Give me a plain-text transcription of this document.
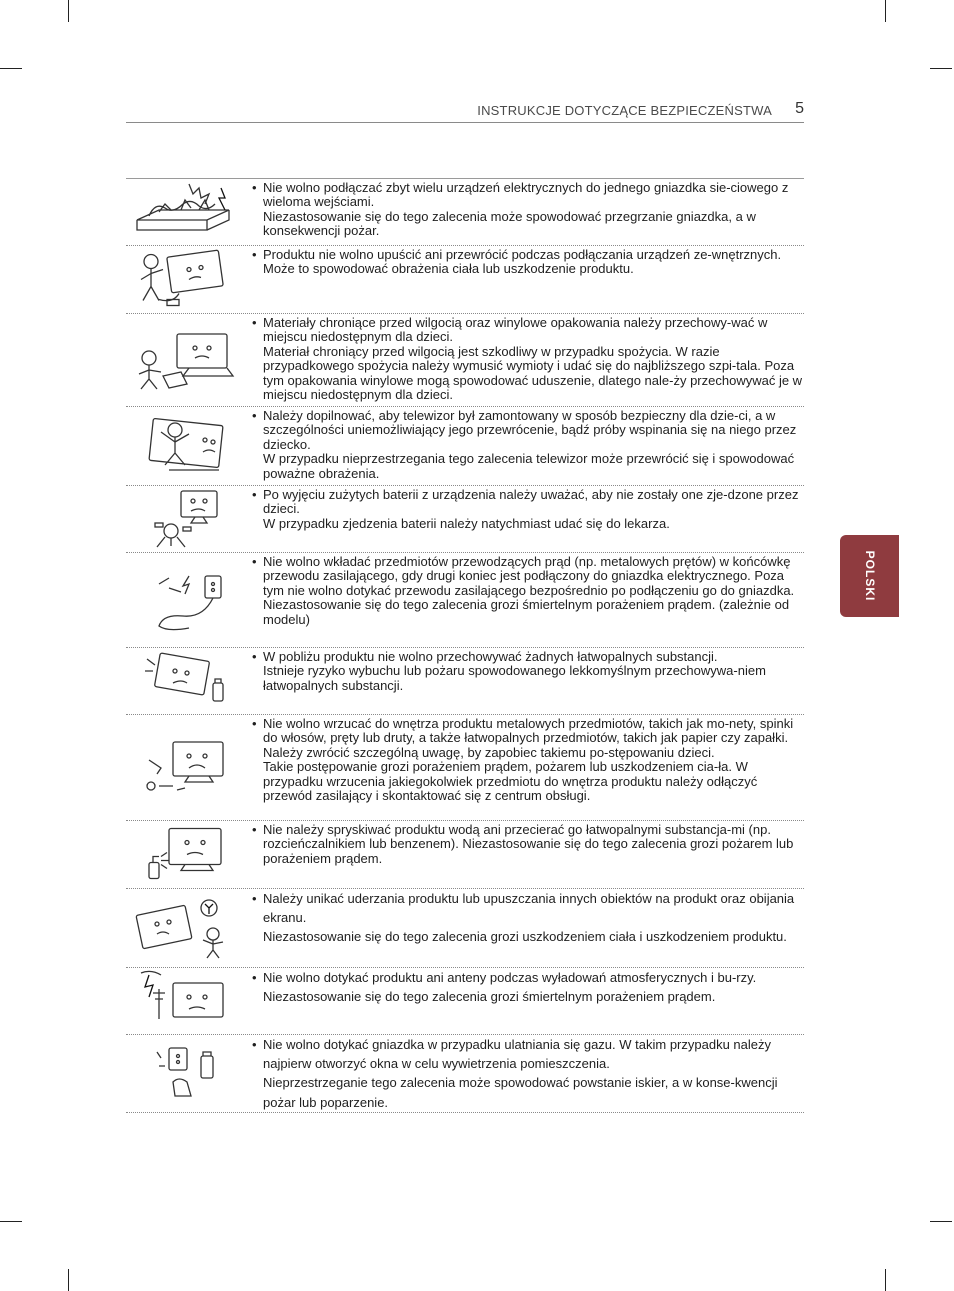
INSTRUKCJE DOTYCZĄCE BEZPIECZEŃSTWA 5
POLSKI

• Nie wolno podłączać zbyt wielu urządzeń elektrycznych do jednego gniazdka sie-ciowego z wieloma wejściami.

Niezastosowanie się do tego zalecenia może spowodować przegrzanie gniazdka, a w konsekwencji pożar.

• Produktu nie wolno upuścić ani przewrócić podczas podłączania urządzeń ze-wnętrznych.

Może to spowodować obrażenia ciała lub uszkodzenie produktu.

• Materiały chroniące przed wilgocią oraz winylowe opakowania należy przechowy-wać w miejscu niedostępnym dla dzieci.

Materiał chroniący przed wilgocią jest szkodliwy w przypadku spożycia. W razie przypadkowego spożycia należy wymusić wymioty i udać się do najbliższego szpi-tala. Poza tym opakowania winylowe mogą spowodować uduszenie, dlatego nale-ży przechowywać je w miejscu niedostępnym dla dzieci.

• Należy dopilnować, aby telewizor był zamontowany w sposób bezpieczny dla dzie-ci, a w szczególności uniemożliwiający jego przewrócenie, bądź próby wspinania się na niego przez dziecko.

W przypadku nieprzestrzegania tego zalecenia telewizor może przewrócić się i spowodować poważne obrażenia.

• Po wyjęciu zużytych baterii z urządzenia należy uważać, aby nie zostały one zje-dzone przez dzieci.

W przypadku zjedzenia baterii należy natychmiast udać się do lekarza.

• Nie wolno wkładać przedmiotów przewodzących prąd (np. metalowych prętów) w końcówkę przewodu zasilającego, gdy drugi koniec jest podłączony do gniazdka elektrycznego. Poza tym nie wolno dotykać przewodu zasilającego bezpośrednio po podłączeniu go do gniazdka.

Niezastosowanie się do tego zalecenia grozi śmiertelnym porażeniem prądem. (zależnie od modelu)

• W pobliżu produktu nie wolno przechowywać żadnych łatwopalnych substancji.

Istnieje ryzyko wybuchu lub pożaru spowodowanego lekkomyślnym przechowywa-niem łatwopalnych substancji.

• Nie wolno wrzucać do wnętrza produktu metalowych przedmiotów, takich jak mo-nety, spinki do włosów, pręty lub druty, a także łatwopalnych przedmiotów, takich jak papier czy zapałki. Należy zwrócić szczególną uwagę, by zapobiec takiemu po-stępowaniu dzieci.

Takie postępowanie grozi porażeniem prądem, pożarem lub uszkodzeniem cia-ła. W przypadku wrzucenia jakiegokolwiek przedmiotu do wnętrza produktu należy odłączyć przewód zasilający i skontaktować się z centrum obsługi.

• Nie należy spryskiwać produktu wodą ani przecierać go łatwopalnymi substancja-mi (np. rozcieńczalnikiem lub benzenem). Niezastosowanie się do tego zalecenia grozi pożarem lub porażeniem prądem.

• Należy unikać uderzania produktu lub upuszczania innych obiektów na produkt oraz obijania ekranu.

Niezastosowanie się do tego zalecenia grozi uszkodzeniem ciała i uszkodzeniem produktu.

• Nie wolno dotykać produktu ani anteny podczas wyładowań atmosferycznych i bu-rzy.

Niezastosowanie się do tego zalecenia grozi śmiertelnym porażeniem prądem.

• Nie wolno dotykać gniazdka w przypadku ulatniania się gazu. W takim przypadku należy najpierw otworzyć okna w celu wywietrzenia pomieszczenia.

Nieprzestrzeganie tego zalecenia może spowodować powstanie iskier, a w konse-kwencji pożar lub poparzenie.
